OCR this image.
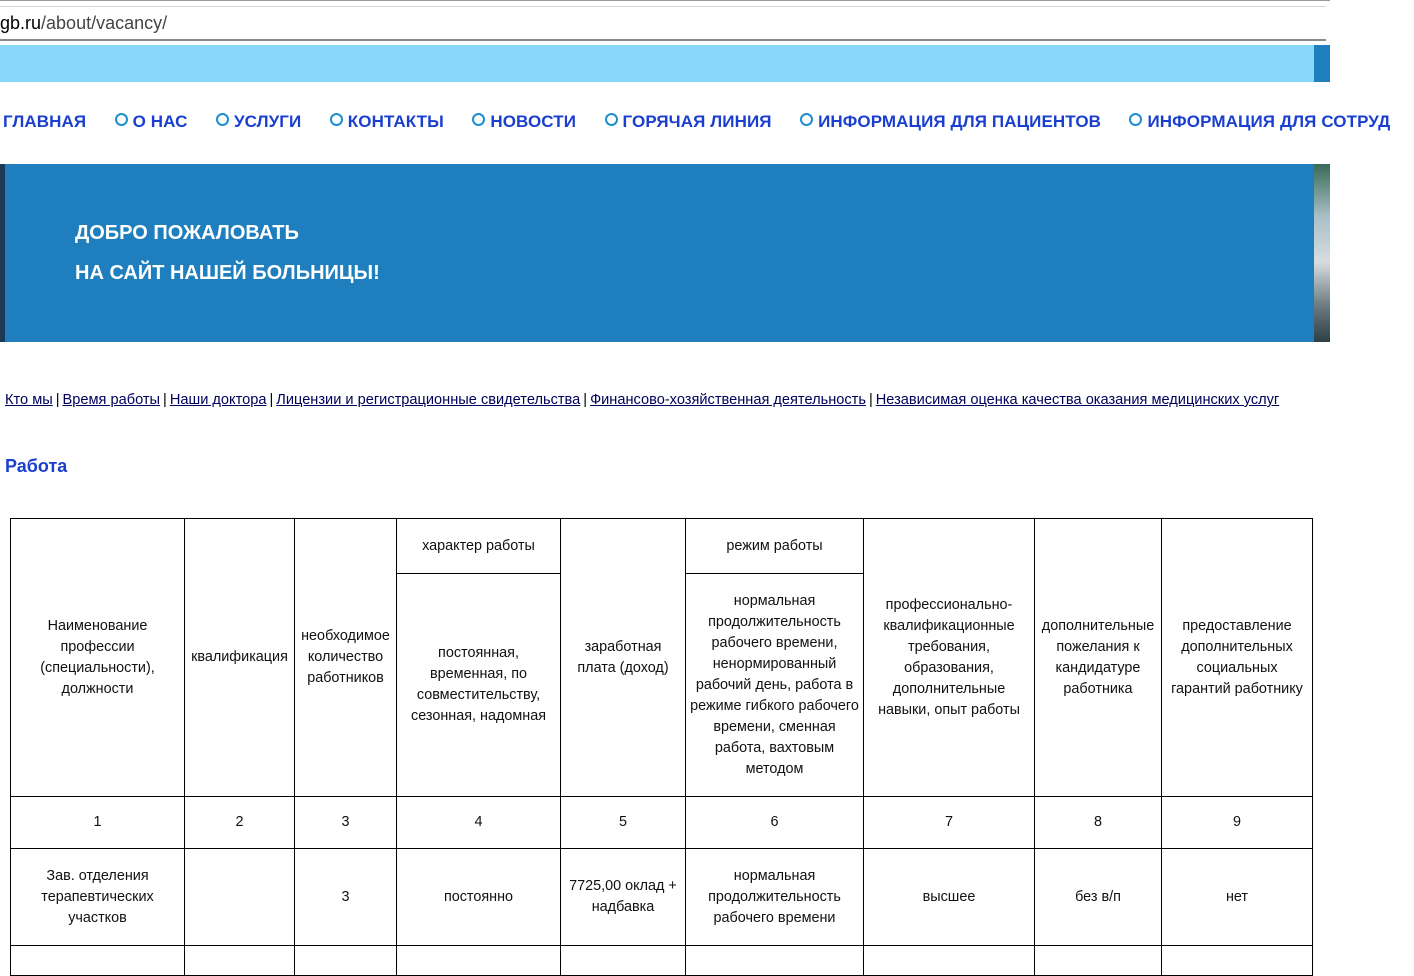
gb.ru/about/vacancy/
ГЛАВНАЯ	О НАС	УСЛУГИ	КОНТАКТЫ	НОВОСТИ	ГОРЯЧАЯ ЛИНИЯ	ИНФОРМАЦИЯ ДЛЯ ПАЦИЕНТОВ	ИНФОРМАЦИЯ ДЛЯ СОТРУД
ДОБРО ПОЖАЛОВАТЬ
НА САЙТ НАШЕЙ БОЛЬНИЦЫ!
Кто мы | Время работы | Наши доктора | Лицензии и регистрационные свидетельства | Финансово-хозяйственная деятельность | Независимая оценка качества оказания медицинских услуг
Работа
Наименование профессии (специальности), должности	квалификация	необходимое количество работников	характер работы	заработная плата (доход)	режим работы	профессионально-квалификационные требования, образования, дополнительные навыки, опыт работы	дополнительные пожелания к кандидатуре работника	предоставление дополнительных социальных гарантий работнику
			постоянная, временная, по совместительству, сезонная, надомная		нормальная продолжительность рабочего времени, ненормированный рабочий день, работа в режиме гибкого рабочего времени, сменная работа, вахтовым методом			
1	2	3	4	5	6	7	8	9
Зав. отделения терапевтических участков		3	постоянно	7725,00 оклад + надбавка	нормальная продолжительность рабочего времени	высшее	без в/п	нет
